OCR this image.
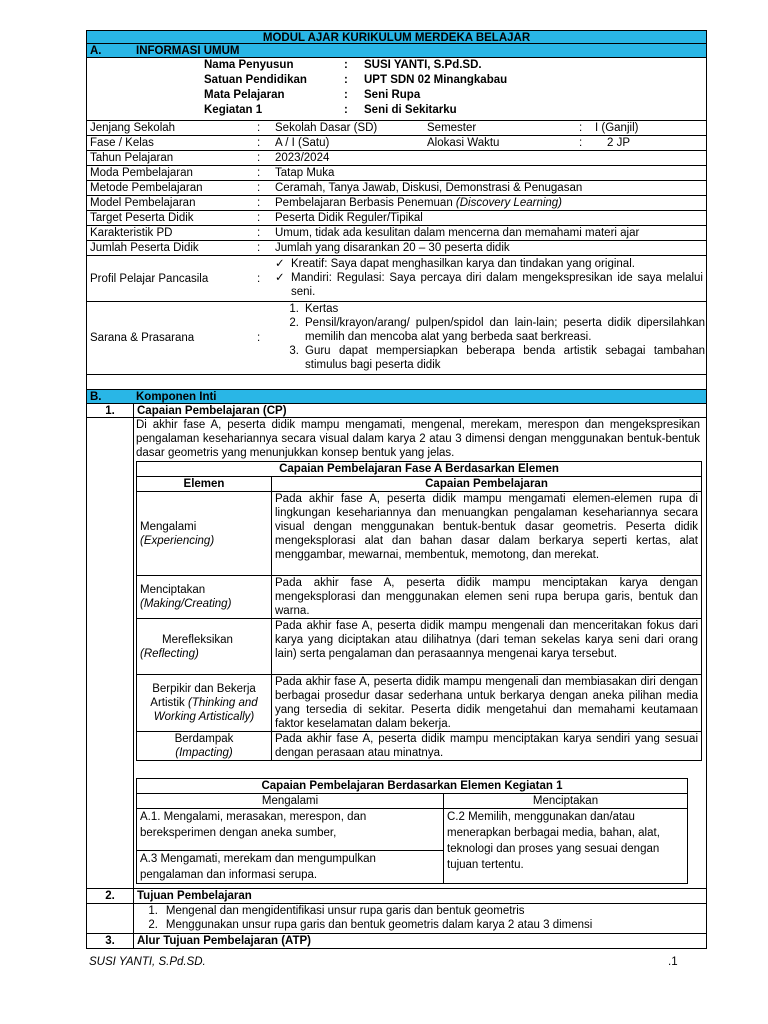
MODUL AJAR KURIKULUM MERDEKA BELAJAR
A.	INFORMASI UMUM
Nama Penyusun	:	SUSI YANTI, S.Pd.SD.
Satuan Pendidikan	:	UPT SDN 02 Minangkabau
Mata Pelajaran	:	Seni Rupa
Kegiatan 1	:	Seni di Sekitarku
Jenjang Sekolah	:	Sekolah Dasar (SD)	Semester	:	I (Ganjil)
Fase / Kelas	:	A / I (Satu)	Alokasi Waktu	:	2 JP
Tahun Pelajaran	:	2023/2024
Moda Pembelajaran	:	Tatap Muka
Metode Pembelajaran	:	Ceramah, Tanya Jawab, Diskusi, Demonstrasi & Penugasan
Model Pembelajaran	:	Pembelajaran Berbasis Penemuan (Discovery Learning)
Target Peserta Didik	:	Peserta Didik Reguler/Tipikal
Karakteristik PD	:	Umum, tidak ada kesulitan dalam mencerna dan memahami materi ajar
Jumlah Peserta Didik	:	Jumlah yang disarankan 20 – 30 peserta didik
Profil Pelajar Pancasila	:
✓ Kreatif: Saya dapat menghasilkan karya dan tindakan yang original.
✓ Mandiri: Regulasi: Saya percaya diri dalam mengekspresikan ide saya melalui seni.
Sarana & Prasarana	:
1. Kertas
2. Pensil/krayon/arang/ pulpen/spidol dan lain-lain; peserta didik dipersilahkan memilih dan mencoba alat yang berbeda saat berkreasi.
3. Guru dapat mempersiapkan beberapa benda artistik sebagai tambahan stimulus bagi peserta didik
B.	Komponen Inti
1.	Capaian Pembelajaran (CP)
Di akhir fase A, peserta didik mampu mengamati, mengenal, merekam, merespon dan mengekspresikan pengalaman kesehariannya secara visual dalam karya 2 atau 3 dimensi dengan menggunakan bentuk-bentuk dasar geometris yang menunjukkan konsep bentuk yang jelas.
Capaian Pembelajaran Fase A Berdasarkan Elemen	
Elemen	Capaian Pembelajaran
Mengalami
(Experiencing)	Pada akhir fase A, peserta didik mampu mengamati elemen-elemen rupa di lingkungan kesehariannya dan menuangkan pengalaman kesehariannya secara visual dengan menggunakan bentuk-bentuk dasar geometris. Peserta didik mengeksplorasi alat dan bahan dasar dalam berkarya seperti kertas, alat menggambar, mewarnai, membentuk, memotong, dan merekat.
Menciptakan
(Making/Creating)	Pada akhir fase A, peserta didik mampu menciptakan karya dengan mengeksplorasi dan menggunakan elemen seni rupa berupa garis, bentuk dan warna.
Merefleksikan
(Reflecting)	Pada akhir fase A, peserta didik mampu mengenali dan menceritakan fokus dari karya yang diciptakan atau dilihatnya (dari teman sekelas karya seni dari orang lain) serta pengalaman dan perasaannya mengenai karya tersebut.
Berpikir dan Bekerja Artistik (Thinking and Working Artistically)	Pada akhir fase A, peserta didik mampu mengenali dan membiasakan diri dengan berbagai prosedur dasar sederhana untuk berkarya dengan aneka pilihan media yang tersedia di sekitar. Peserta didik mengetahui dan memahami keutamaan faktor keselamatan dalam bekerja.
Berdampak
(Impacting)	Pada akhir fase A, peserta didik mampu menciptakan karya sendiri yang sesuai dengan perasaan atau minatnya.
Capaian Pembelajaran Berdasarkan Elemen Kegiatan 1	
Mengalami	Menciptakan
A.1. Mengalami, merasakan, merespon, dan bereksperimen dengan aneka sumber,	C.2 Memilih, menggunakan dan/atau menerapkan berbagai media, bahan, alat, teknologi dan proses yang sesuai dengan tujuan tertentu.
A.3 Mengamati, merekam dan mengumpulkan pengalaman dan informasi serupa.	
2.	Tujuan Pembelajaran
1. Mengenal dan mengidentifikasi unsur rupa garis dan bentuk geometris
2. Menggunakan unsur rupa garis dan bentuk geometris dalam karya 2 atau 3 dimensi
3.	Alur Tujuan Pembelajaran (ATP)
SUSI YANTI, S.Pd.SD.	.1
